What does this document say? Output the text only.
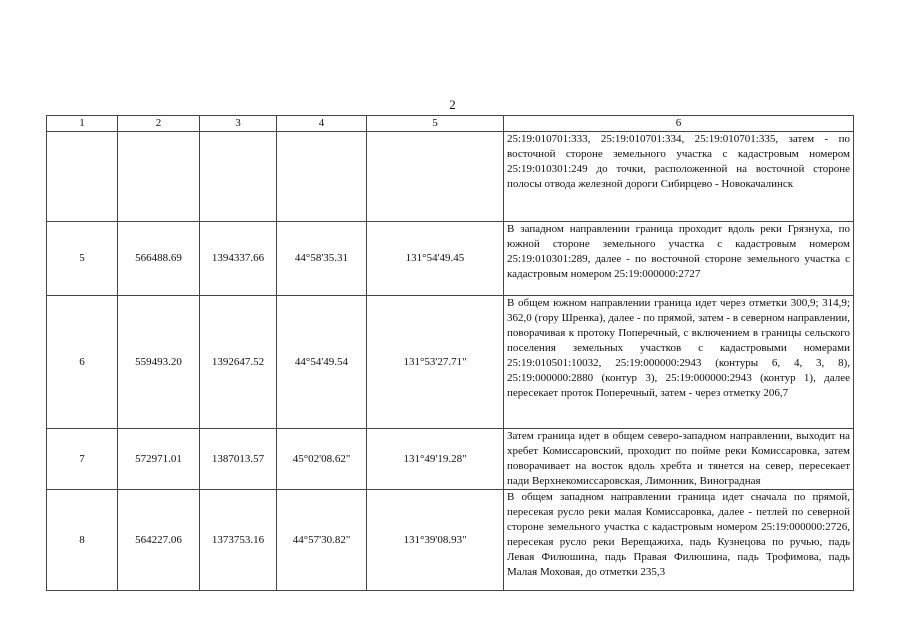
2
1	2	3	4	5	6
					25:19:010701:333, 25:19:010701:334, 25:19:010701:335, затем - по восточной стороне земельного участка с кадастровым номером 25:19:010301:249 до точки, расположенной на восточной стороне полосы отвода железной дороги Сибирцево - Новокачалинск
5	566488.69	1394337.66	44°58'35.31	131°54'49.45	В западном направлении граница проходит вдоль реки Грязнуха, по южной стороне земельного участка с кадастровым номером 25:19:010301:289, далее - по восточной стороне земельного участка с кадастровым номером 25:19:000000:2727
6	559493.20	1392647.52	44°54'49.54	131°53'27.71"	В общем южном направлении граница идет через отметки 300,9; 314,9; 362,0 (гору Шренка), далее - по прямой, затем - в северном направлении, поворачивая к протоку Поперечный, с включением в границы сельского поселения земельных участков с кадастровыми номерами 25:19:010501:10032, 25:19:000000:2943 (контуры 6, 4, 3, 8), 25:19:000000:2880 (контур 3), 25:19:000000:2943 (контур 1), далее пересекает проток Поперечный, затем - через отметку 206,7
7	572971.01	1387013.57	45°02'08.62"	131°49'19.28"	Затем граница идет в общем северо-западном направлении, выходит на хребет Комиссаровский, проходит по пойме реки Комиссаровка, затем поворачивает на восток вдоль хребта и тянется на север, пересекает пади Верхнекомиссаровская, Лимонник, Виноградная
8	564227.06	1373753.16	44°57'30.82"	131°39'08.93"	В общем западном направлении граница идет сначала по прямой, пересекая русло реки малая Комиссаровка, далее - петлей по северной стороне земельного участка с кадастровым номером 25:19:000000:2726, пересекая русло реки Верещажиха, падь Кузнецова по ручью, падь Левая Филюшина, падь Правая Филюшина, падь Трофимова, падь Малая Моховая, до отметки 235,3
